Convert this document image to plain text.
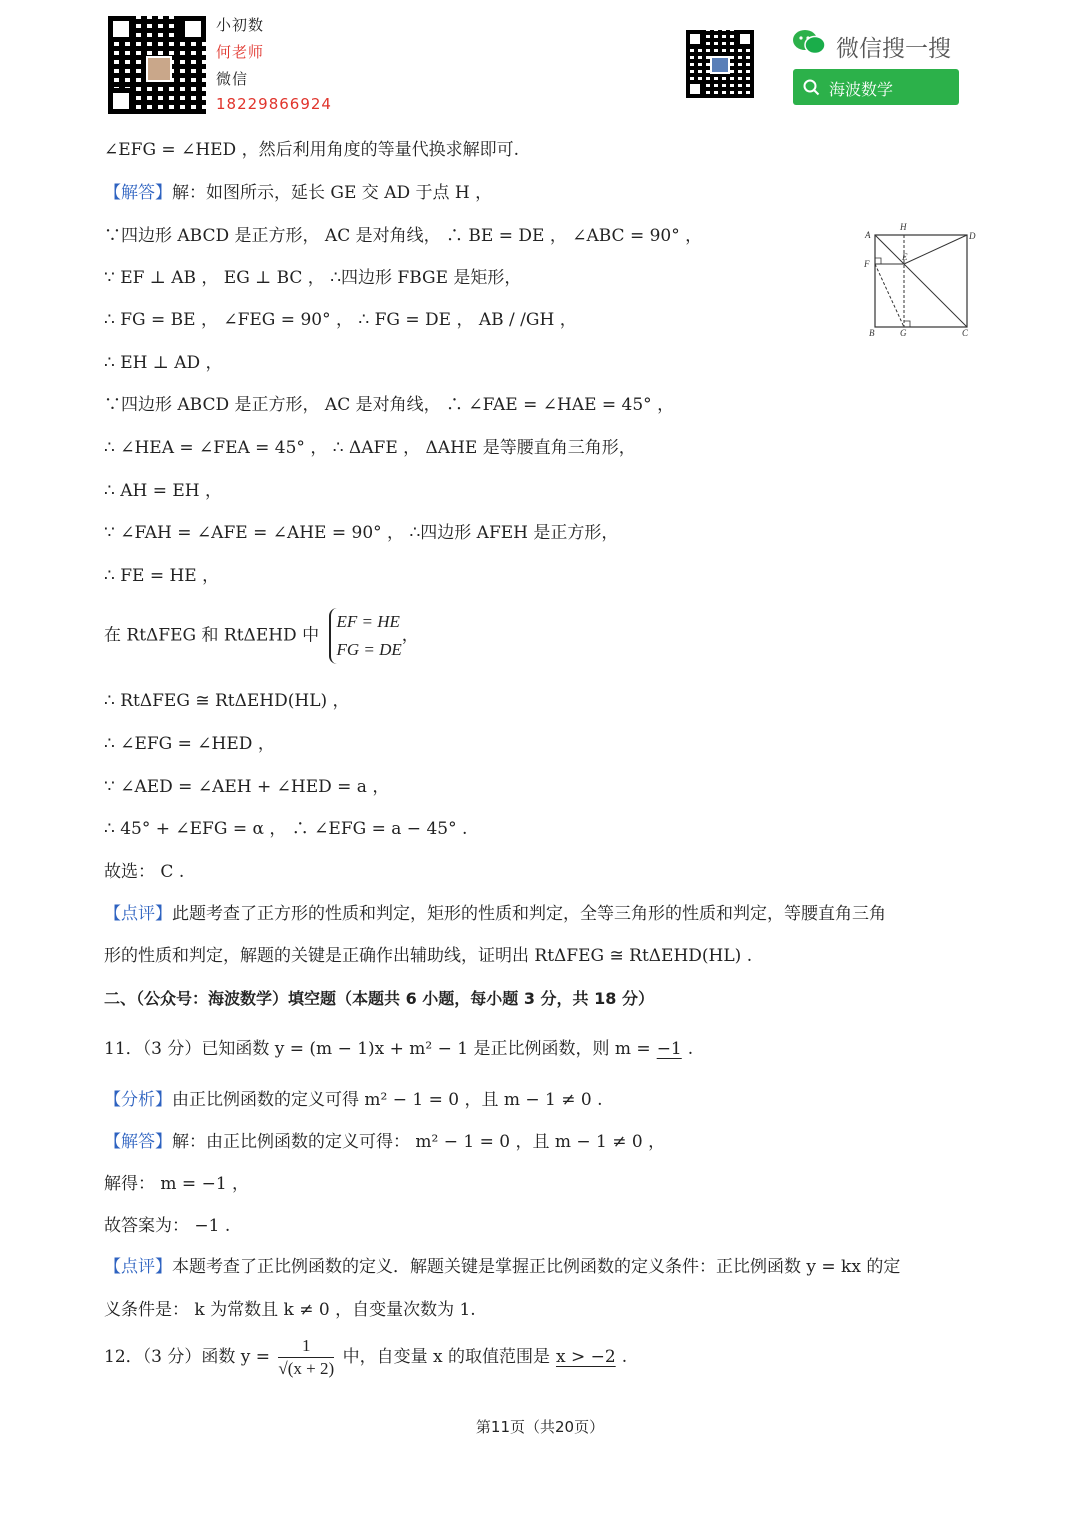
小初数
何老师
微信
18229866924
微信搜一搜
海波数学
∠EFG = ∠HED ，然后利用角度的等量代换求解即可.
【解答】解：如图所示，延长 GE 交 AD 于点 H ，
∵四边形 ABCD 是正方形， AC 是对角线， ∴ BE = DE ， ∠ABC = 90° ，
∵ EF ⊥ AB ， EG ⊥ BC ， ∴四边形 FBGE 是矩形，
∴ FG = BE ， ∠FEG = 90° ， ∴ FG = DE ， AB / /GH ，
∴ EH ⊥ AD ，
∵四边形 ABCD 是正方形， AC 是对角线， ∴ ∠FAE = ∠HAE = 45° ，
∴ ∠HEA = ∠FEA = 45° ， ∴ ΔAFE ， ΔAHE 是等腰直角三角形，
∴ AH = EH ，
∵ ∠FAH = ∠AFE = ∠AHE = 90° ， ∴四边形 AFEH 是正方形，
∴ FE = HE ，
在 RtΔFEG 和 RtΔEHD 中
EF = HE
FG = DE
，
∴ RtΔFEG ≅ RtΔEHD(HL) ，
∴ ∠EFG = ∠HED ，
∵ ∠AED = ∠AEH + ∠HED = a ，
∴ 45° + ∠EFG = α ， ∴ ∠EFG = a − 45° .
故选： C .
【点评】此题考查了正方形的性质和判定，矩形的性质和判定，全等三角形的性质和判定，等腰直角三角
形的性质和判定，解题的关键是正确作出辅助线，证明出 RtΔFEG ≅ RtΔEHD(HL) .
二、（公众号：海波数学）填空题（本题共 6 小题，每小题 3 分，共 18 分）
11．（3 分）已知函数 y = (m − 1)x + m² − 1 是正比例函数，则 m = −1 .
【分析】由正比例函数的定义可得 m² − 1 = 0 ，且 m − 1 ≠ 0 .
【解答】解：由正比例函数的定义可得： m² − 1 = 0 ，且 m − 1 ≠ 0 ，
解得： m = −1 ，
故答案为： −1 .
【点评】本题考查了正比例函数的定义．解题关键是掌握正比例函数的定义条件：正比例函数 y = kx 的定
义条件是： k 为常数且 k ≠ 0 ，自变量次数为 1.
12．（3 分）函数 $y = \frac{1}{√(x + 2)}$ 中，自变量 x 的取值范围是 x > −2 .
A
H
D
F
E
B	G	C
第11页（共20页）
